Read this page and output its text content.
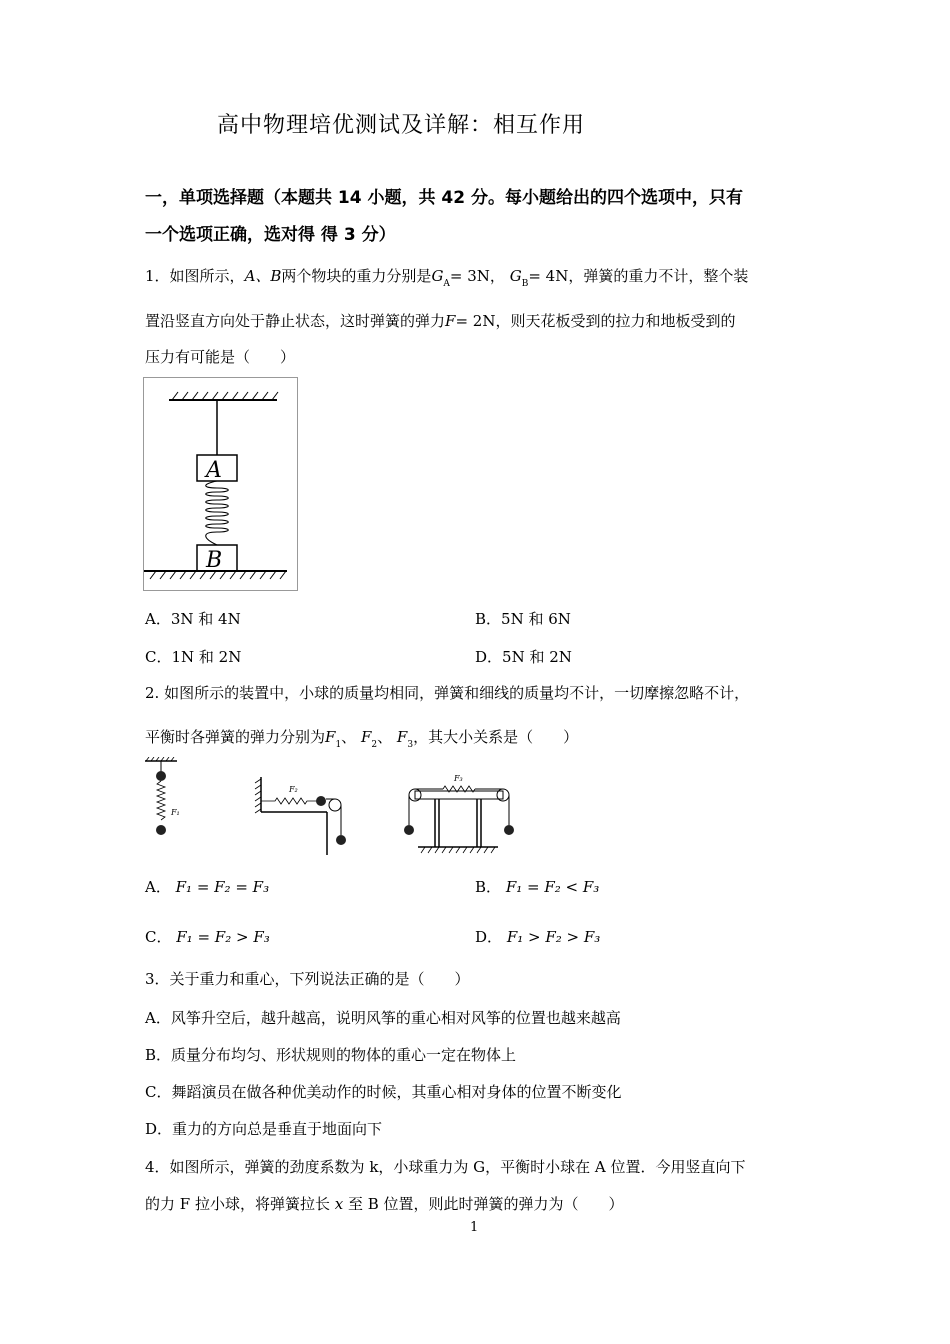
高中物理培优测试及详解：相互作用
一，单项选择题（本题共 14 小题，共 42 分。每小题给出的四个选项中，只有
一个选项正确，选对得 得 3 分）
1．如图所示，A、B两个物块的重力分别是$G_A= 3N$， $G_B= 4N$，弹簧的重力不计，整个装
置沿竖直方向处于静止状态，这时弹簧的弹力F= 2N，则天花板受到的拉力和地板受到的
压力有可能是（　　）
A
B
A．3N 和 4N	B．5N 和 6N
C．1N 和 2N	D．5N 和 2N
2. 如图所示的装置中，小球的质量均相同，弹簧和细线的质量均不计，一切摩擦忽略不计，
平衡时各弹簧的弹力分别为$F_1$、 $F_2$、 $F_3$，其大小关系是（　　）
F₁
F₂
F₃
A． F₁ = F₂ = F₃	B． F₁ = F₂ < F₃
C． F₁ = F₂ > F₃	D． F₁ > F₂ > F₃
3．关于重力和重心，下列说法正确的是（　　）
A．风筝升空后，越升越高，说明风筝的重心相对风筝的位置也越来越高
B．质量分布均匀、形状规则的物体的重心一定在物体上
C．舞蹈演员在做各种优美动作的时候，其重心相对身体的位置不断变化
D．重力的方向总是垂直于地面向下
4．如图所示，弹簧的劲度系数为 k，小球重力为 G，平衡时小球在 A 位置．今用竖直向下
的力 F 拉小球，将弹簧拉长 x 至 B 位置，则此时弹簧的弹力为（　　）
1
